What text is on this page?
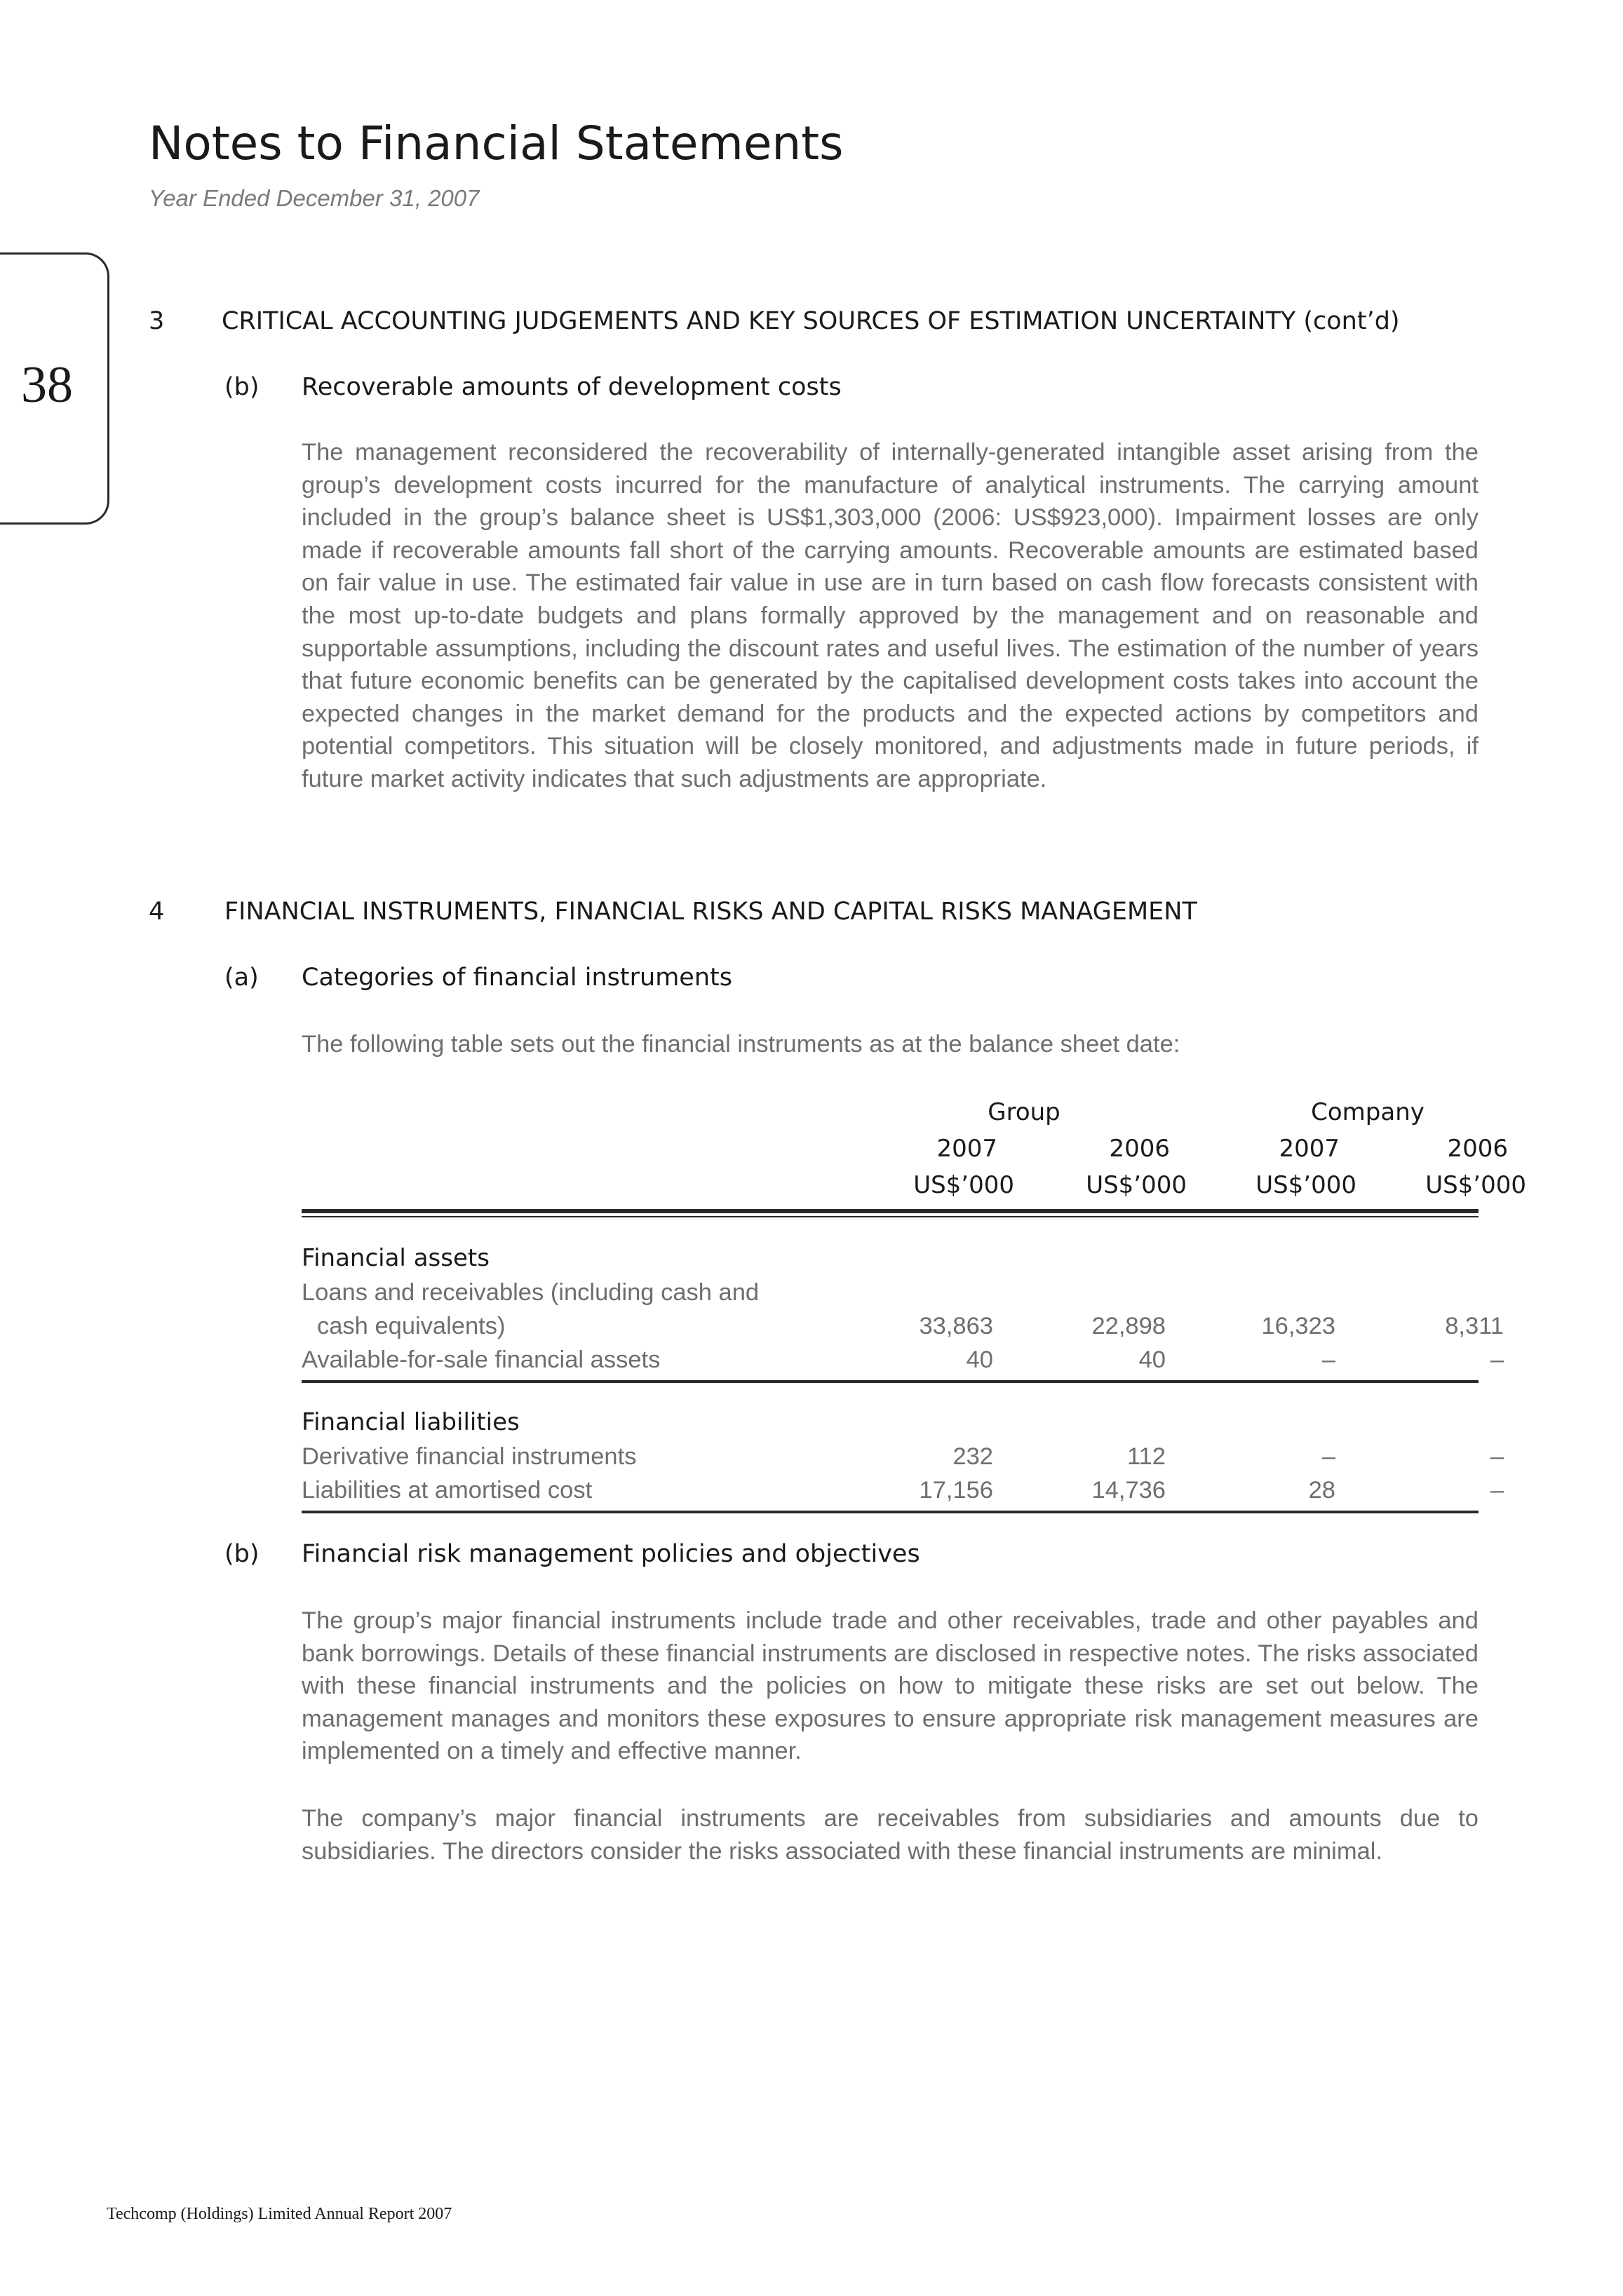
Notes to Financial Statements
Year Ended December 31, 2007
38
3 CRITICAL ACCOUNTING JUDGEMENTS AND KEY SOURCES OF ESTIMATION UNCERTAINTY (cont’d)
(b) Recoverable amounts of development costs
The management reconsidered the recoverability of internally-generated intangible asset arising from the group’s development costs incurred for the manufacture of analytical instruments. The carrying amount included in the group’s balance sheet is US$1,303,000 (2006: US$923,000). Impairment losses are only made if recoverable amounts fall short of the carrying amounts. Recoverable amounts are estimated based on fair value in use. The estimated fair value in use are in turn based on cash flow forecasts consistent with the most up-to-date budgets and plans formally approved by the management and on reasonable and supportable assumptions, including the discount rates and useful lives. The estimation of the number of years that future economic benefits can be generated by the capitalised development costs takes into account the expected changes in the market demand for the products and the expected actions by competitors and potential competitors. This situation will be closely monitored, and adjustments made in future periods, if future market activity indicates that such adjustments are appropriate.
4 FINANCIAL INSTRUMENTS, FINANCIAL RISKS AND CAPITAL RISKS MANAGEMENT
(a) Categories of financial instruments
The following table sets out the financial instruments as at the balance sheet date:
Group	Company
2007	2006	2007	2006
US$’000	US$’000	US$’000	US$’000
Financial assets
Loans and receivables (including cash and
cash equivalents)	33,863	22,898	16,323	8,311
Available-for-sale financial assets	40	40	–	–
Financial liabilities
Derivative financial instruments	232	112	–	–
Liabilities at amortised cost	17,156	14,736	28	–
(b) Financial risk management policies and objectives
The group’s major financial instruments include trade and other receivables, trade and other payables and bank borrowings. Details of these financial instruments are disclosed in respective notes. The risks associated with these financial instruments and the policies on how to mitigate these risks are set out below. The management manages and monitors these exposures to ensure appropriate risk management measures are implemented on a timely and effective manner.
The company’s major financial instruments are receivables from subsidiaries and amounts due to subsidiaries. The directors consider the risks associated with these financial instruments are minimal.
Techcomp (Holdings) Limited Annual Report 2007
